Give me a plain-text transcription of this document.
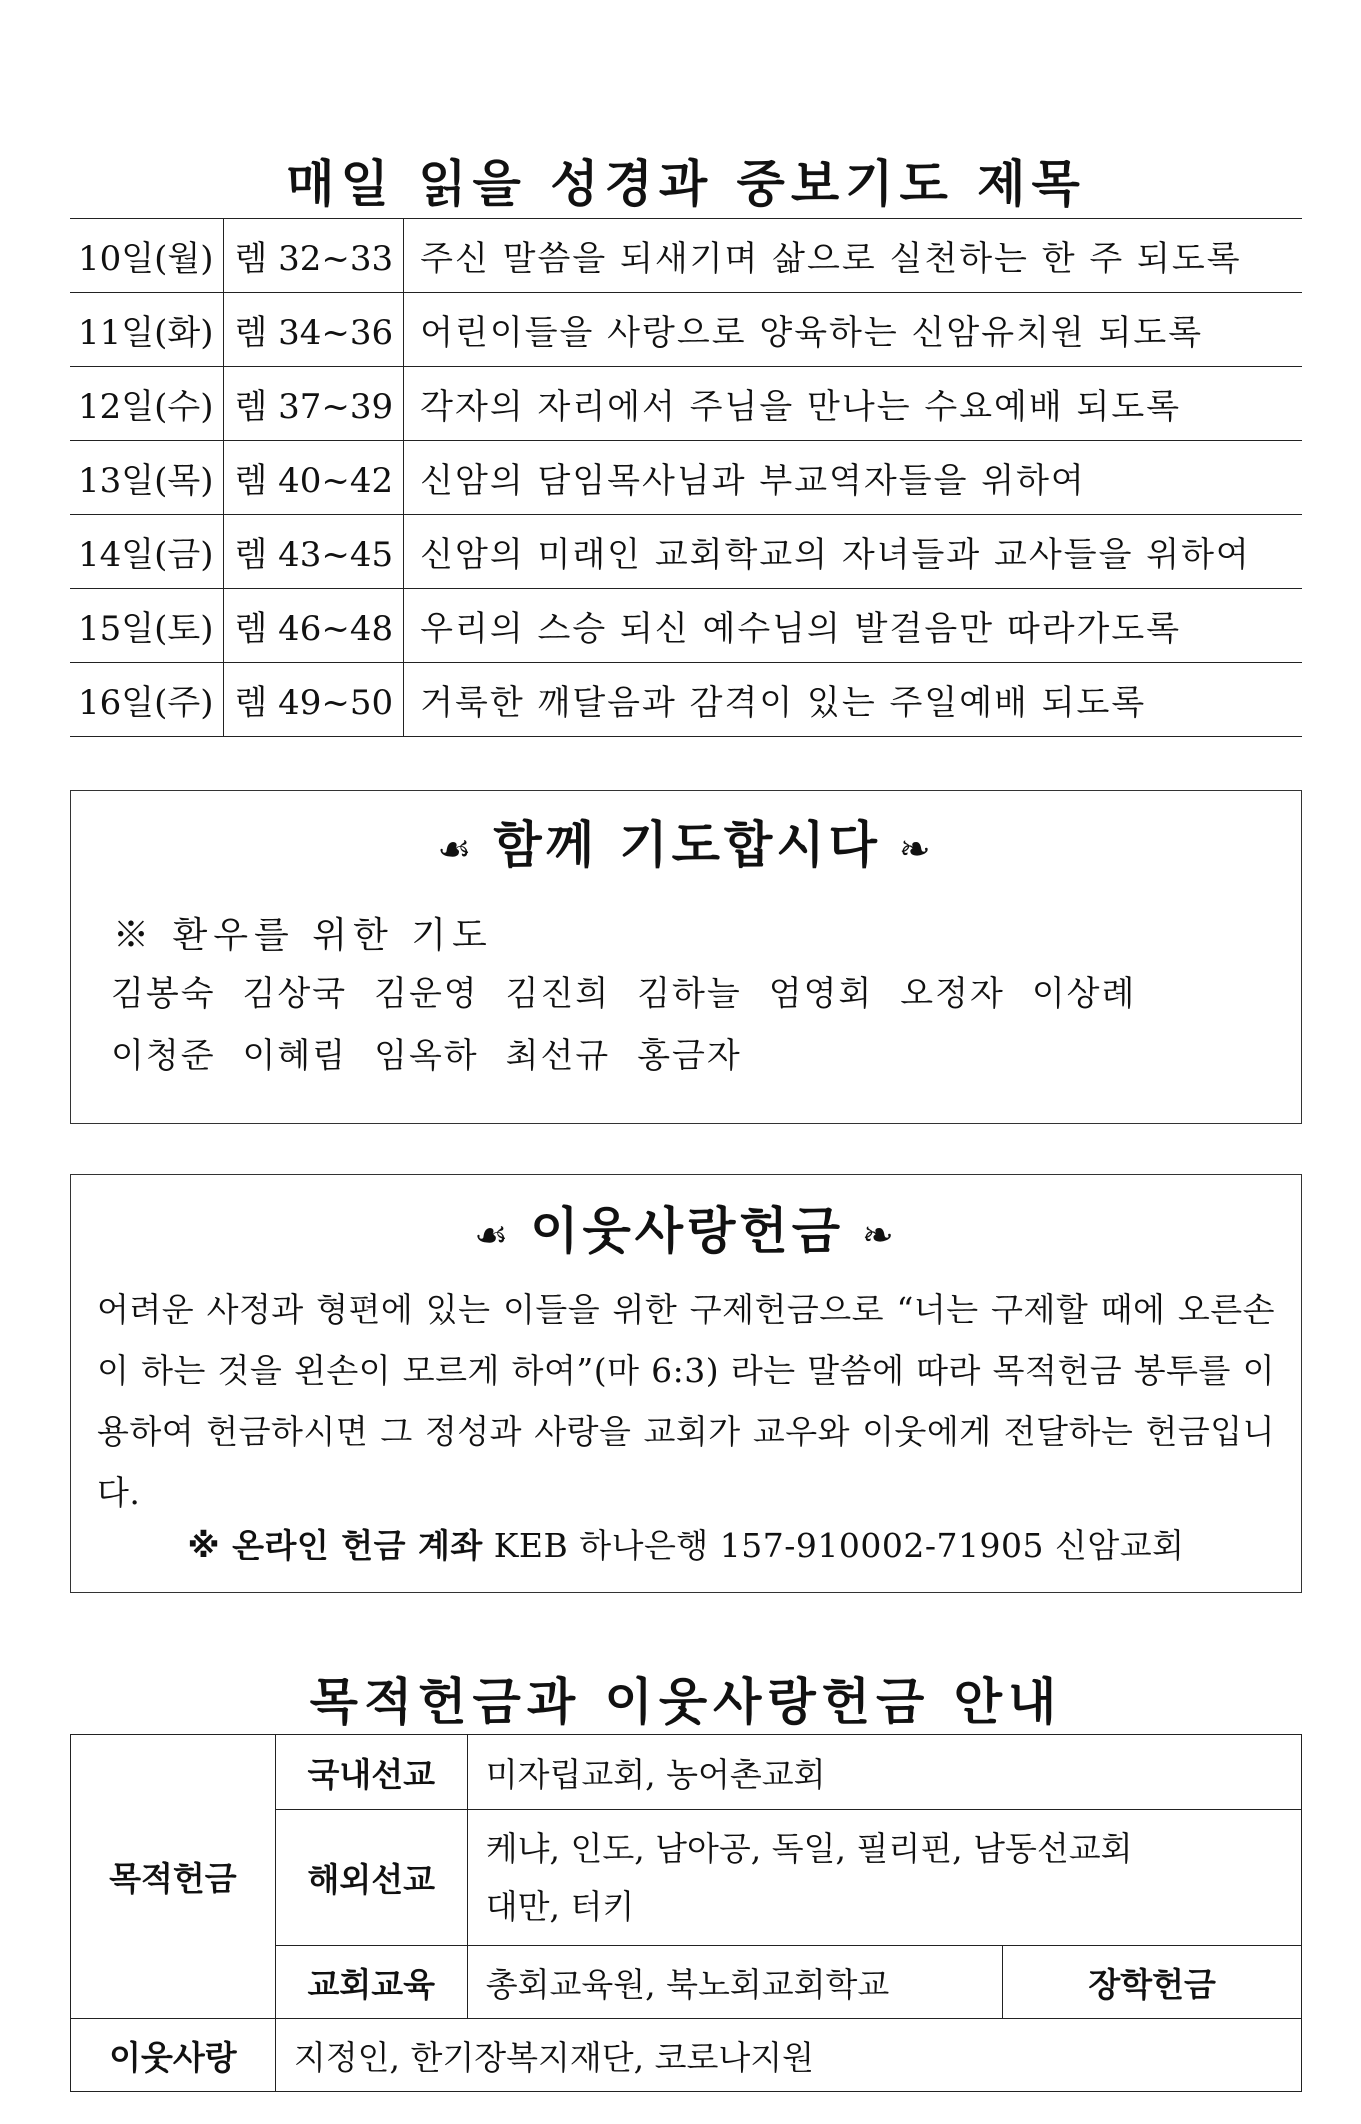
매일 읽을 성경과 중보기도 제목
10일(월)	렘 32~33	주신 말씀을 되새기며 삶으로 실천하는 한 주 되도록
11일(화)	렘 34~36	어린이들을 사랑으로 양육하는 신암유치원 되도록
12일(수)	렘 37~39	각자의 자리에서 주님을 만나는 수요예배 되도록
13일(목)	렘 40~42	신암의 담임목사님과 부교역자들을 위하여
14일(금)	렘 43~45	신암의 미래인 교회학교의 자녀들과 교사들을 위하여
15일(토)	렘 46~48	우리의 스승 되신 예수님의 발걸음만 따라가도록
16일(주)	렘 49~50	거룩한 깨달음과 감격이 있는 주일예배 되도록
☙ 함께 기도합시다 ❧
※ 환우를 위한 기도
김봉숙 김상국 김운영 김진희 김하늘 엄영회 오정자 이상례
이청준 이혜림 임옥하 최선규 홍금자
☙ 이웃사랑헌금 ❧
어려운 사정과 형편에 있는 이들을 위한 구제헌금으로 “너는 구제할 때에 오른손이 하는 것을 왼손이 모르게 하여”(마 6:3) 라는 말씀에 따라 목적헌금 봉투를 이용하여 헌금하시면 그 정성과 사랑을 교회가 교우와 이웃에게 전달하는 헌금입니다.
※ 온라인 헌금 계좌 KEB 하나은행 157-910002-71905 신암교회
목적헌금과 이웃사랑헌금 안내
목적헌금	국내선교	미자립교회, 농어촌교회	
	해외선교	케냐, 인도, 남아공, 독일, 필리핀, 남동선교회
대만, 터키	
	교회교육	총회교육원, 북노회교회학교	장학헌금
이웃사랑	지정인, 한기장복지재단, 코로나지원		
